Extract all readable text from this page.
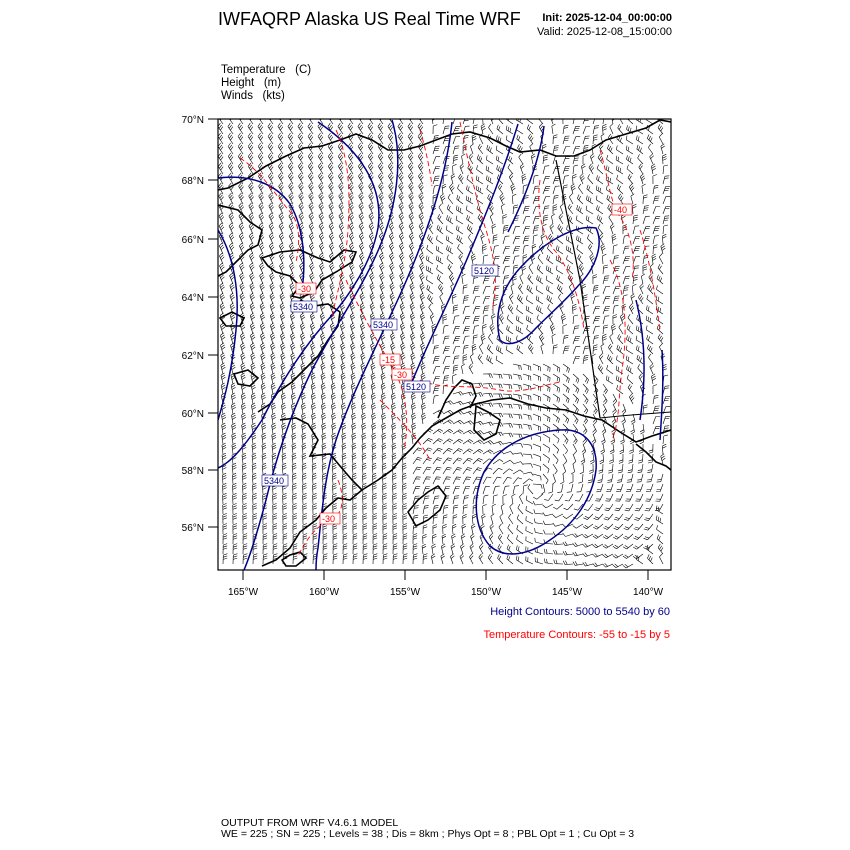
IWFAQRP Alaska US Real Time WRF Init: 2025-12-04_00:00:00
Valid: 2025-12-08_15:00:00
Temperature   (C)
Height   (m)
Winds   (kts)
5120
5340
5340
5120
5340
-40
-30
-15
-30
-30
70°N
68°N
66°N
64°N
62°N
60°N
58°N
56°N
165°W	160°W	155°W	150°W	145°W	140°W
Height Contours: 5000 to 5540 by 60
Temperature Contours: -55 to -15 by 5
OUTPUT FROM WRF V4.6.1 MODEL
WE = 225 ; SN = 225 ; Levels = 38 ; Dis = 8km ; Phys Opt = 8 ; PBL Opt = 1 ; Cu Opt = 3
